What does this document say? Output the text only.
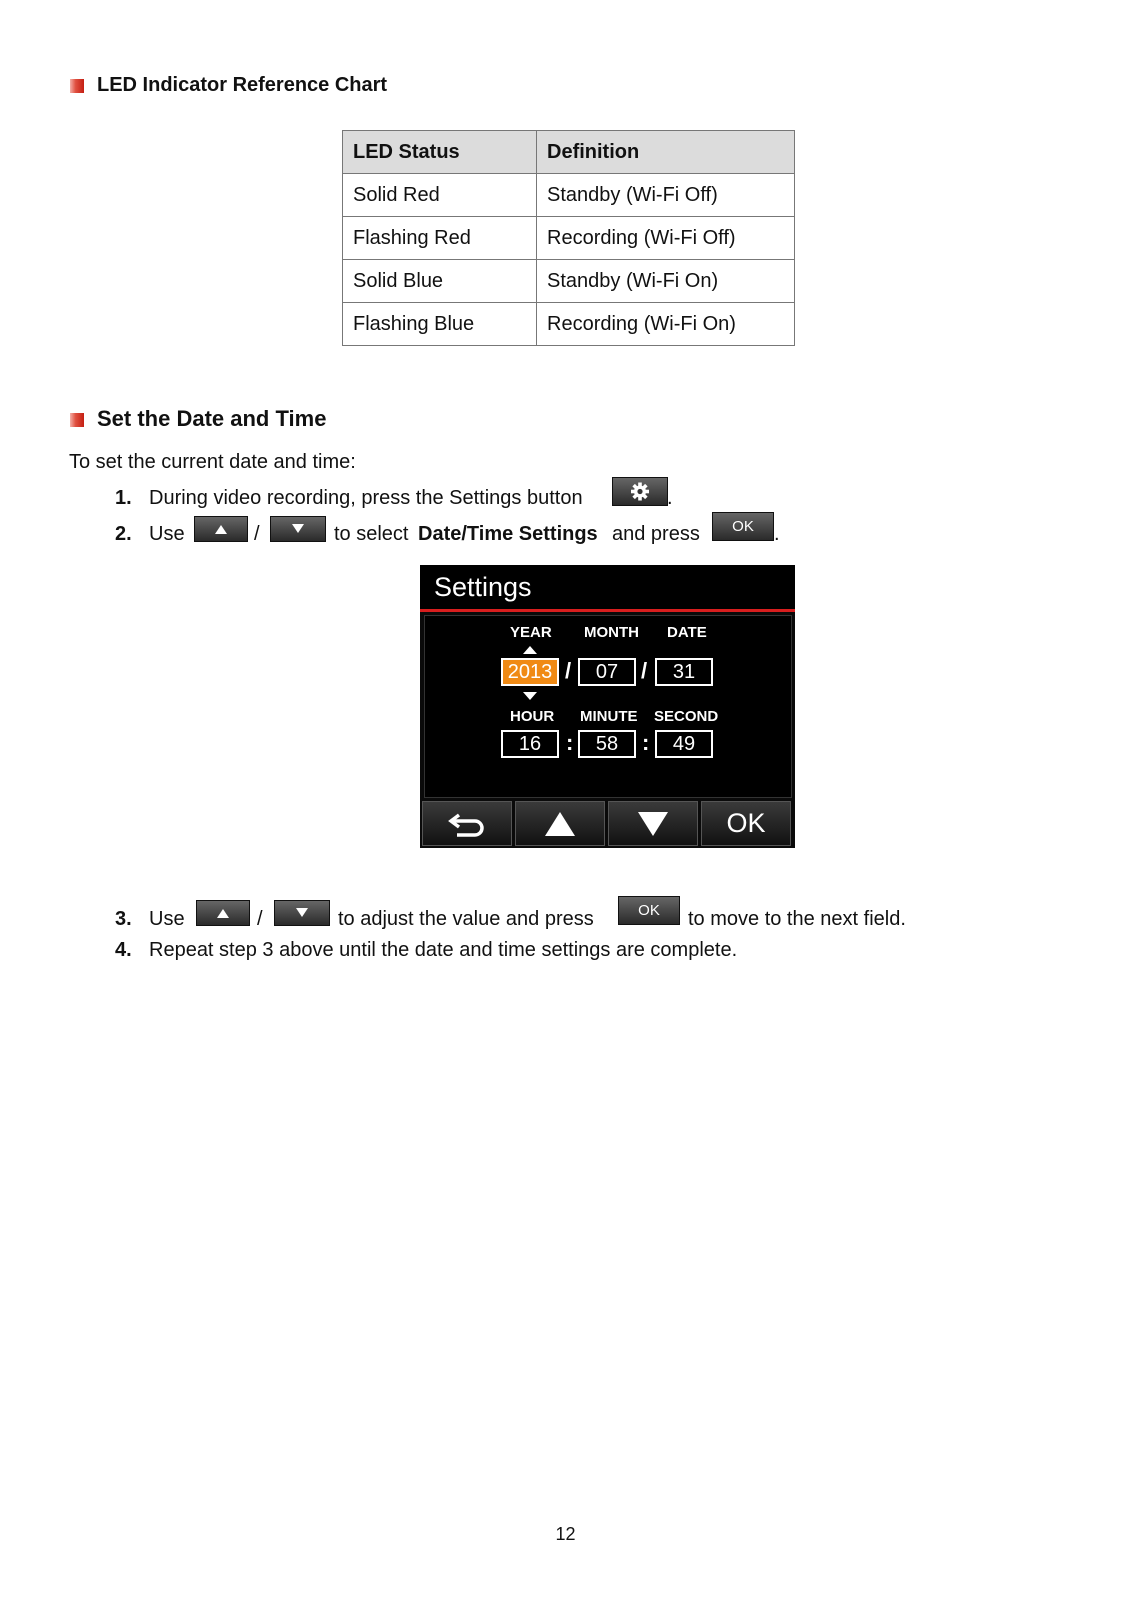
LED Indicator Reference Chart
LED Status	Definition
Solid Red	Standby (Wi-Fi Off)
Flashing Red	Recording (Wi-Fi Off)
Solid Blue	Standby (Wi-Fi On)
Flashing Blue	Recording (Wi-Fi On)
Set the Date and Time
To set the current date and time:
1. During video recording, press the Settings button	.
2. Use	/	to select Date/Time Settings and press	OK	.
Settings
YEAR MONTH DATE
2013 /	07	/	31
HOUR MINUTE SECOND
16	:	58	:	49
OK
3. Use	/	to adjust the value and press	OK	to move to the next field.
4. Repeat step 3 above until the date and time settings are complete.
12
